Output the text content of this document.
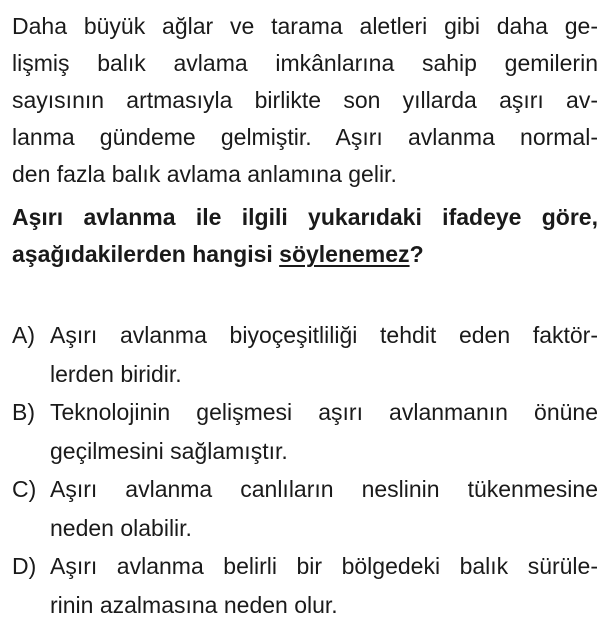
Daha büyük ağlar ve tarama aletleri gibi daha ge-
lişmiş balık avlama imkânlarına sahip gemilerin
sayısının artmasıyla birlikte son yıllarda aşırı av-
lanma gündeme gelmiştir. Aşırı avlanma normal-
den fazla balık avlama anlamına gelir.
Aşırı avlanma ile ilgili yukarıdaki ifadeye göre,
aşağıdakilerden hangisi söylenemez?
A) Aşırı avlanma biyoçeşitliliği tehdit eden faktör-
lerden biridir.
B) Teknolojinin gelişmesi aşırı avlanmanın önüne
geçilmesini sağlamıştır.
C) Aşırı avlanma canlıların neslinin tükenmesine
neden olabilir.
D) Aşırı avlanma belirli bir bölgedeki balık sürüle-
rinin azalmasına neden olur.
